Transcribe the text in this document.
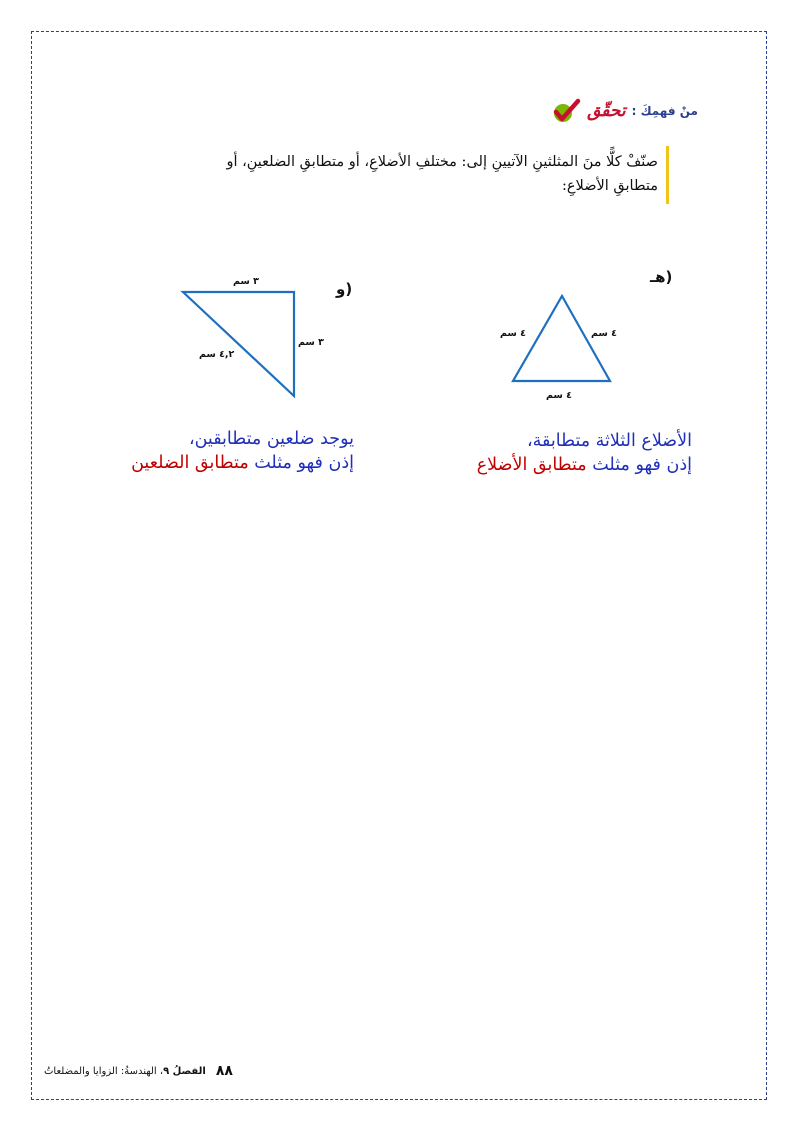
تحقّق منْ فهمِكَ :
صنّفْ كلًّا منَ المثلثينِ الآتيينِ إلى: مختلفِ الأضلاعِ، أو متطابقِ الضلعينِ، أو
متطابقِ الأضلاعِ:
هـ)
٤ سم	٤ سم
٤ سم
و)
٣ سم
٣ سم
٤,٢ سم
الأضلاع الثلاثة متطابقة،
إذن فهو مثلث متطابق الأضلاع
يوجد ضلعين متطابقين،
إذن فهو مثلث متطابق الضلعين
الفصلُ ٩، الهندسةُ: الزوايا والمضلعاتُ	٨٨
